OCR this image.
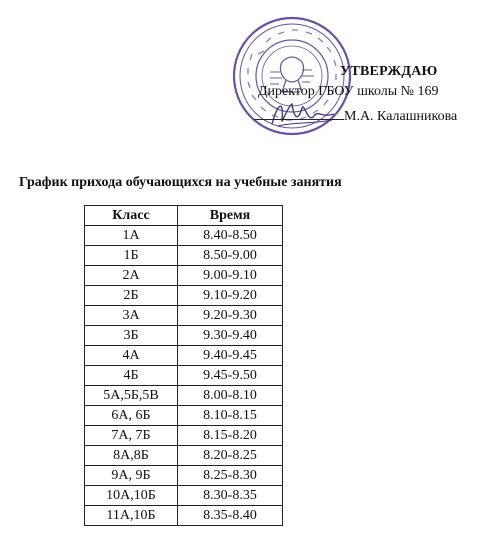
УТВЕРЖДАЮ
Директор ГБОУ школы № 169
М.А. Калашникова
График прихода обучающихся на учебные занятия
Класс	Время
1А	8.40-8.50
1Б	8.50-9.00
2А	9.00-9.10
2Б	9.10-9.20
3А	9.20-9.30
3Б	9.30-9.40
4А	9.40-9.45
4Б	9.45-9.50
5А,5Б,5В	8.00-8.10
6А, 6Б	8.10-8.15
7А, 7Б	8.15-8.20
8А,8Б	8.20-8.25
9А, 9Б	8.25-8.30
10А,10Б	8.30-8.35
11А,10Б	8.35-8.40
